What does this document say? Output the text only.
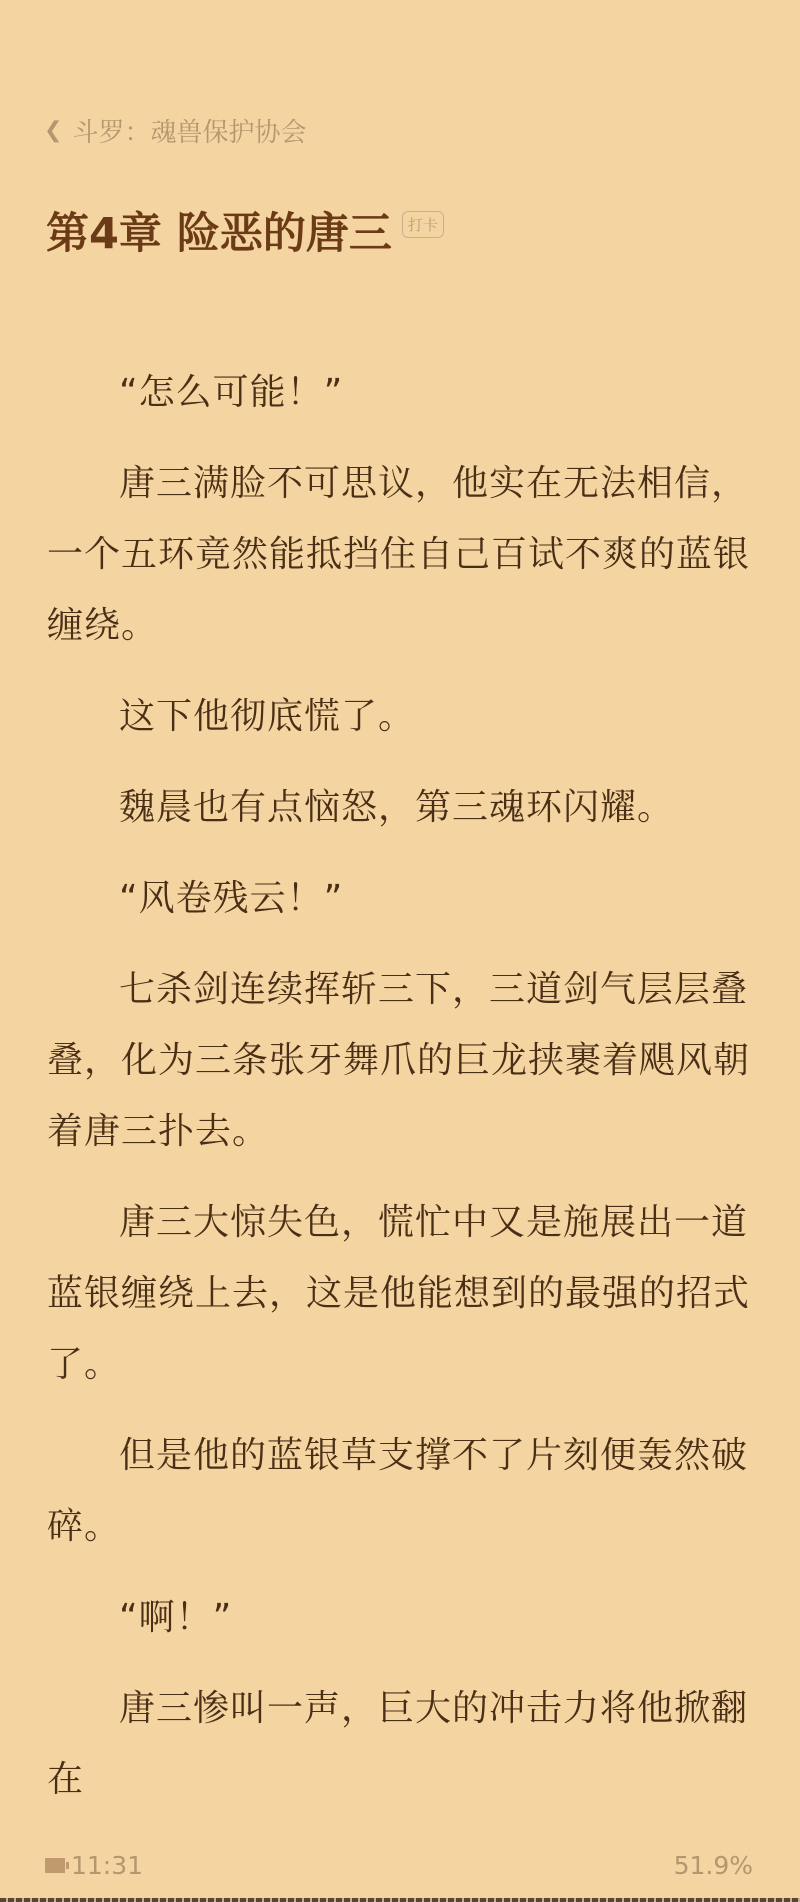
❮ 斗罗：魂兽保护协会
第4章 险恶的唐三	打卡

“怎么可能！”

唐三满脸不可思议，他实在无法相信，一个五环竟然能抵挡住自己百试不爽的蓝银缠绕。

这下他彻底慌了。

魏晨也有点恼怒，第三魂环闪耀。

“风卷残云！”

七杀剑连续挥斩三下，三道剑气层层叠叠，化为三条张牙舞爪的巨龙挟裹着飓风朝着唐三扑去。

唐三大惊失色，慌忙中又是施展出一道蓝银缠绕上去，这是他能想到的最强的招式了。

但是他的蓝银草支撑不了片刻便轰然破碎。

“啊！”

唐三惨叫一声，巨大的冲击力将他掀翻在

11:31	51.9%
